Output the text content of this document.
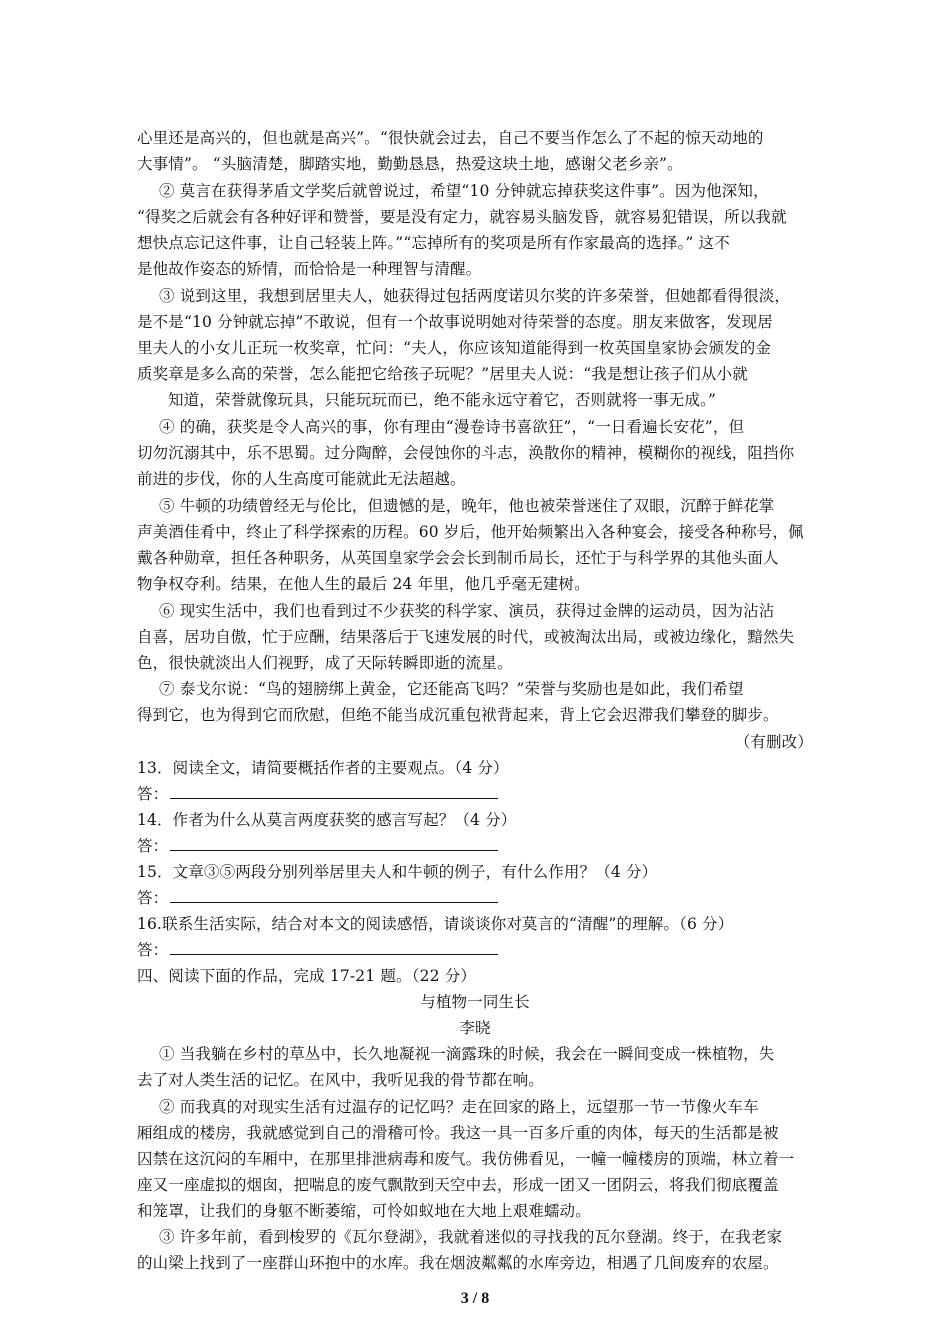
心里还是高兴的，但也就是高兴”。“很快就会过去，自己不要当作怎么了不起的惊天动地的
大事情”。 “头脑清楚，脚踏实地，勤勤恳恳，热爱这块土地，感谢父老乡亲”。
② 莫言在获得茅盾文学奖后就曾说过，希望“10 分钟就忘掉获奖这件事”。因为他深知，
“得奖之后就会有各种好评和赞誉，要是没有定力，就容易头脑发昏，就容易犯错误，所以我就
想快点忘记这件事，让自己轻装上阵。”“忘掉所有的奖项是所有作家最高的选择。” 这不
是他故作姿态的矫情，而恰恰是一种理智与清醒。
③ 说到这里，我想到居里夫人，她获得过包括两度诺贝尔奖的许多荣誉，但她都看得很淡，
是不是“10 分钟就忘掉”不敢说，但有一个故事说明她对待荣誉的态度。朋友来做客，发现居
里夫人的小女儿正玩一枚奖章，忙问：“夫人，你应该知道能得到一枚英国皇家协会颁发的金
质奖章是多么高的荣誉，怎么能把它给孩子玩呢？”居里夫人说：“我是想让孩子们从小就
知道，荣誉就像玩具，只能玩玩而已，绝不能永远守着它，否则就将一事无成。”
④ 的确，获奖是令人高兴的事，你有理由“漫卷诗书喜欲狂”，“一日看遍长安花”，但
切勿沉溺其中，乐不思蜀。过分陶醉，会侵蚀你的斗志，涣散你的精神，模糊你的视线，阻挡你
前进的步伐，你的人生高度可能就此无法超越。
⑤ 牛顿的功绩曾经无与伦比，但遗憾的是，晚年，他也被荣誉迷住了双眼，沉醉于鲜花掌
声美酒佳肴中，终止了科学探索的历程。60 岁后，他开始频繁出入各种宴会，接受各种称号，佩
戴各种勋章，担任各种职务，从英国皇家学会会长到制币局长，还忙于与科学界的其他头面人
物争权夺利。结果，在他人生的最后 24 年里，他几乎毫无建树。
⑥ 现实生活中，我们也看到过不少获奖的科学家、演员，获得过金牌的运动员，因为沾沾
自喜，居功自傲，忙于应酬，结果落后于飞速发展的时代，或被淘汰出局，或被边缘化，黯然失
色，很快就淡出人们视野，成了天际转瞬即逝的流星。
⑦ 泰戈尔说：“鸟的翅膀绑上黄金，它还能高飞吗？”荣誉与奖励也是如此，我们希望
得到它，也为得到它而欣慰，但绝不能当成沉重包袱背起来，背上它会迟滞我们攀登的脚步。
（有删改）
13．阅读全文，请简要概括作者的主要观点。（4 分）
答：
14．作者为什么从莫言两度获奖的感言写起？（4 分）
答：
15．文章③⑤两段分别列举居里夫人和牛顿的例子，有什么作用？（4 分）
答：
16.联系生活实际，结合对本文的阅读感悟，请谈谈你对莫言的“清醒”的理解。（6 分）
答：
四、阅读下面的作品，完成 17-21 题。（22 分）
与植物一同生长
李晓
① 当我躺在乡村的草丛中，长久地凝视一滴露珠的时候，我会在一瞬间变成一株植物，失
去了对人类生活的记忆。在风中，我听见我的骨节都在响。
② 而我真的对现实生活有过温存的记忆吗？走在回家的路上，远望那一节一节像火车车
厢组成的楼房，我就感觉到自己的滑稽可怜。我这一具一百多斤重的肉体，每天的生活都是被
囚禁在这沉闷的车厢中，在那里排泄病毒和废气。我仿佛看见，一幢一幢楼房的顶端，林立着一
座又一座虚拟的烟囱，把喘息的废气飘散到天空中去，形成一团又一团阴云，将我们彻底覆盖
和笼罩，让我们的身躯不断萎缩，可怜如蚁地在大地上艰难蠕动。
③ 许多年前，看到梭罗的《瓦尔登湖》，我就着迷似的寻找我的瓦尔登湖。终于，在我老家
的山梁上找到了一座群山环抱中的水库。我在烟波粼粼的水库旁边，相遇了几间废弃的农屋。
3 / 8
